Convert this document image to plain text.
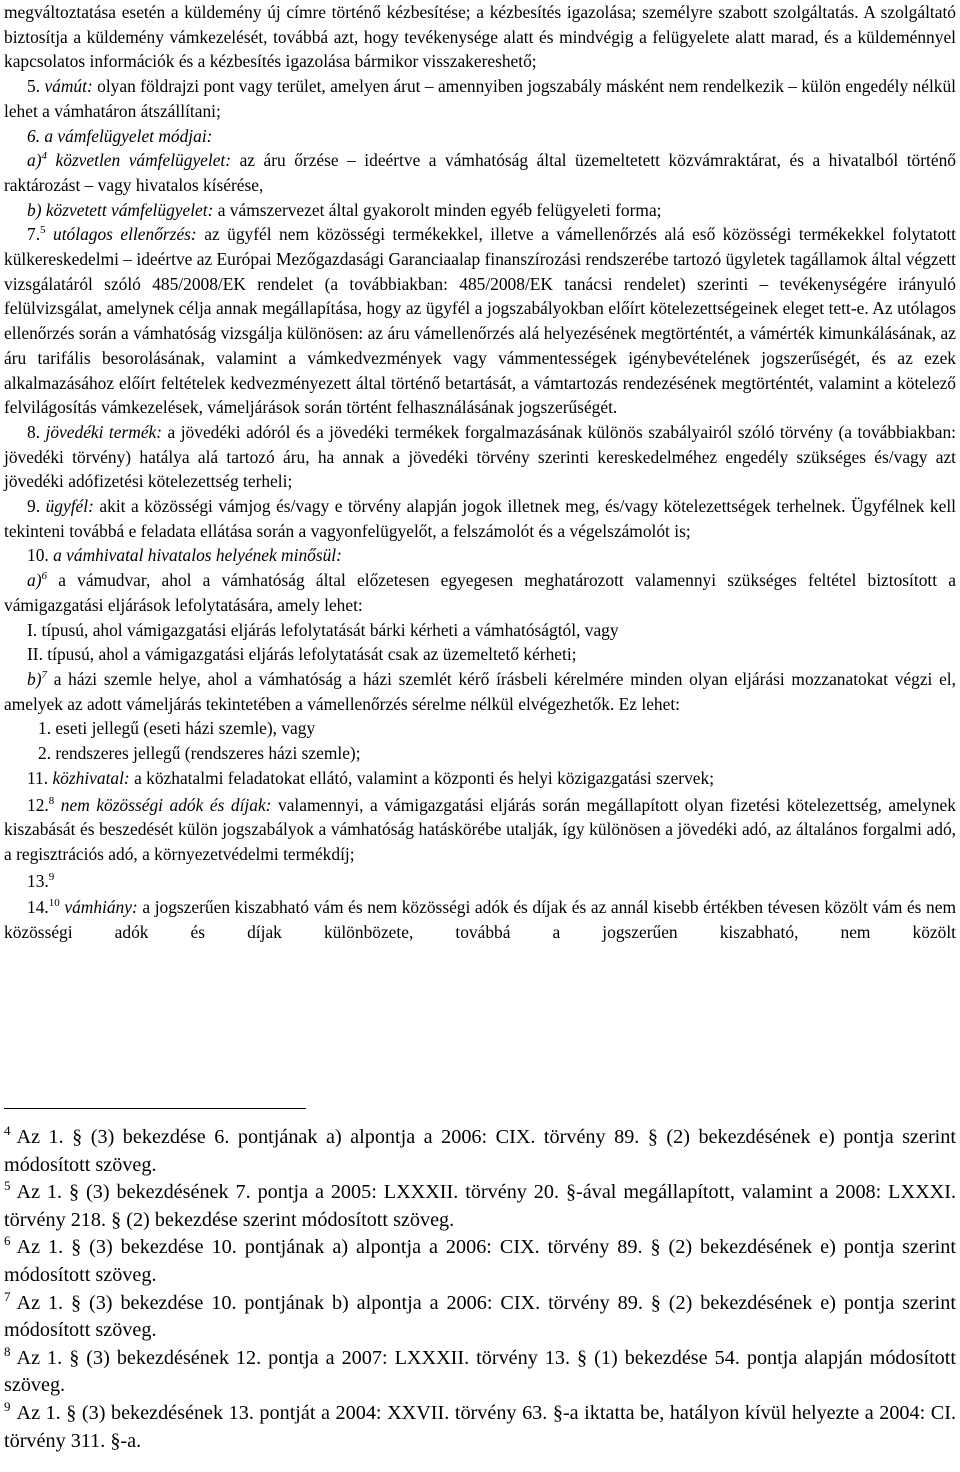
megváltoztatása esetén a küldemény új címre történő kézbesítése; a kézbesítés igazolása; személyre szabott szolgáltatás. A szolgáltató biztosítja a küldemény vámkezelését, továbbá azt, hogy tevékenysége alatt és mindvégig a felügyelete alatt marad, és a küldeménnyel kapcsolatos információk és a kézbesítés igazolása bármikor visszakereshető;

5. vámút: olyan földrajzi pont vagy terület, amelyen árut – amennyiben jogszabály másként nem rendelkezik – külön engedély nélkül lehet a vámhatáron átszállítani;

6. a vámfelügyelet módjai:

a)$^4$ közvetlen vámfelügyelet: az áru őrzése – ideértve a vámhatóság által üzemeltetett közvámraktárat, és a hivatalból történő raktározást – vagy hivatalos kísérése,

b) közvetett vámfelügyelet: a vámszervezet által gyakorolt minden egyéb felügyeleti forma;

7.$^5$ utólagos ellenőrzés: az ügyfél nem közösségi termékekkel, illetve a vámellenőrzés alá eső közösségi termékekkel folytatott külkereskedelmi – ideértve az Európai Mezőgazdasági Garanciaalap finanszírozási rendszerébe tartozó ügyletek tagállamok által végzett vizsgálatáról szóló 485/2008/EK rendelet (a továbbiakban: 485/2008/EK tanácsi rendelet) szerinti – tevékenységére irányuló felülvizsgálat, amelynek célja annak megállapítása, hogy az ügyfél a jogszabályokban előírt kötelezettségeinek eleget tett-e. Az utólagos ellenőrzés során a vámhatóság vizsgálja különösen: az áru vámellenőrzés alá helyezésének megtörténtét, a vámérték kimunkálásának, az áru tarifális besorolásának, valamint a vámkedvezmények vagy vámmentességek igénybevételének jogszerűségét, és az ezek alkalmazásához előírt feltételek kedvezményezett által történő betartását, a vámtartozás rendezésének megtörténtét, valamint a kötelező felvilágosítás vámkezelések, vámeljárások során történt felhasználásának jogszerűségét.

8. jövedéki termék: a jövedéki adóról és a jövedéki termékek forgalmazásának különös szabályairól szóló törvény (a továbbiakban: jövedéki törvény) hatálya alá tartozó áru, ha annak a jövedéki törvény szerinti kereskedelméhez engedély szükséges és/vagy azt jövedéki adófizetési kötelezettség terheli;

9. ügyfél: akit a közösségi vámjog és/vagy e törvény alapján jogok illetnek meg, és/vagy kötelezettségek terhelnek. Ügyfélnek kell tekinteni továbbá e feladata ellátása során a vagyonfelügyelőt, a felszámolót és a végelszámolót is;

10. a vámhivatal hivatalos helyének minősül:

a)$^6$ a vámudvar, ahol a vámhatóság által előzetesen egyegesen meghatározott valamennyi szükséges feltétel biztosított a vámigazgatási eljárások lefolytatására, amely lehet:

I. típusú, ahol vámigazgatási eljárás lefolytatását bárki kérheti a vámhatóságtól, vagy

II. típusú, ahol a vámigazgatási eljárás lefolytatását csak az üzemeltető kérheti;

b)$^7$ a házi szemle helye, ahol a vámhatóság a házi szemlét kérő írásbeli kérelmére minden olyan eljárási mozzanatokat végzi el, amelyek az adott vámeljárás tekintetében a vámellenőrzés sérelme nélkül elvégezhetők. Ez lehet:

1. eseti jellegű (eseti házi szemle), vagy

2. rendszeres jellegű (rendszeres házi szemle);

11. közhivatal: a közhatalmi feladatokat ellátó, valamint a központi és helyi közigazgatási szervek;

12.$^8$ nem közösségi adók és díjak: valamennyi, a vámigazgatási eljárás során megállapított olyan fizetési kötelezettség, amelynek kiszabását és beszedését külön jogszabályok a vámhatóság hatáskörébe utalják, így különösen a jövedéki adó, az általános forgalmi adó, a regisztrációs adó, a környezetvédelmi termékdíj;

13.$^9$

14.10 vámhiány: a jogszerűen kiszabható vám és nem közösségi adók és díjak és az annál kisebb értékben tévesen közölt vám és nem közösségi adók és díjak különbözete, továbbá a jogszerűen kiszabható, nem közölt

$^4$ Az 1. § (3) bekezdése 6. pontjának a) alpontja a 2006: CIX. törvény 89. § (2) bekezdésének e) pontja szerint módosított szöveg.

$^5$ Az 1. § (3) bekezdésének 7. pontja a 2005: LXXXII. törvény 20. §-ával megállapított, valamint a 2008: LXXXI. törvény 218. § (2) bekezdése szerint módosított szöveg.

$^6$ Az 1. § (3) bekezdése 10. pontjának a) alpontja a 2006: CIX. törvény 89. § (2) bekezdésének e) pontja szerint módosított szöveg.

$^7$ Az 1. § (3) bekezdése 10. pontjának b) alpontja a 2006: CIX. törvény 89. § (2) bekezdésének e) pontja szerint módosított szöveg.

$^8$ Az 1. § (3) bekezdésének 12. pontja a 2007: LXXXII. törvény 13. § (1) bekezdése 54. pontja alapján módosított szöveg.

$^9$ Az 1. § (3) bekezdésének 13. pontját a 2004: XXVII. törvény 63. §-a iktatta be, hatályon kívül helyezte a 2004: CI. törvény 311. §-a.
